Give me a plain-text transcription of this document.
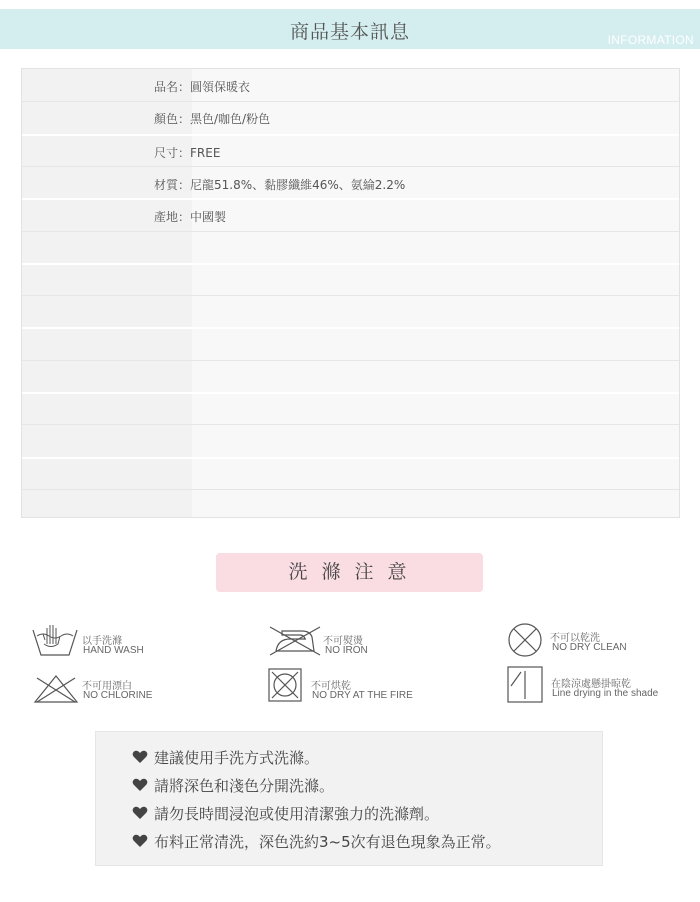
商品基本訊息	INFORMATION
品名：圓領保暖衣
顏色：黑色/咖色/粉色
尺寸：FREE
材質：尼龍51.8%、黏膠纖維46%、氨綸2.2%
產地：中國製
洗 滌 注 意
以手洗滌
HAND WASH
不可熨燙
NO IRON
不可以乾洗
NO DRY CLEAN
不可用漂白
NO CHLORINE
不可烘乾
NO DRY AT THE FIRE
在陰涼處懸掛晾乾
Line drying in the shade
建議使用手洗方式洗滌。
請將深色和淺色分開洗滌。
請勿長時間浸泡或使用清潔強力的洗滌劑。
布料正常清洗，深色洗約3~5次有退色現象為正常。
